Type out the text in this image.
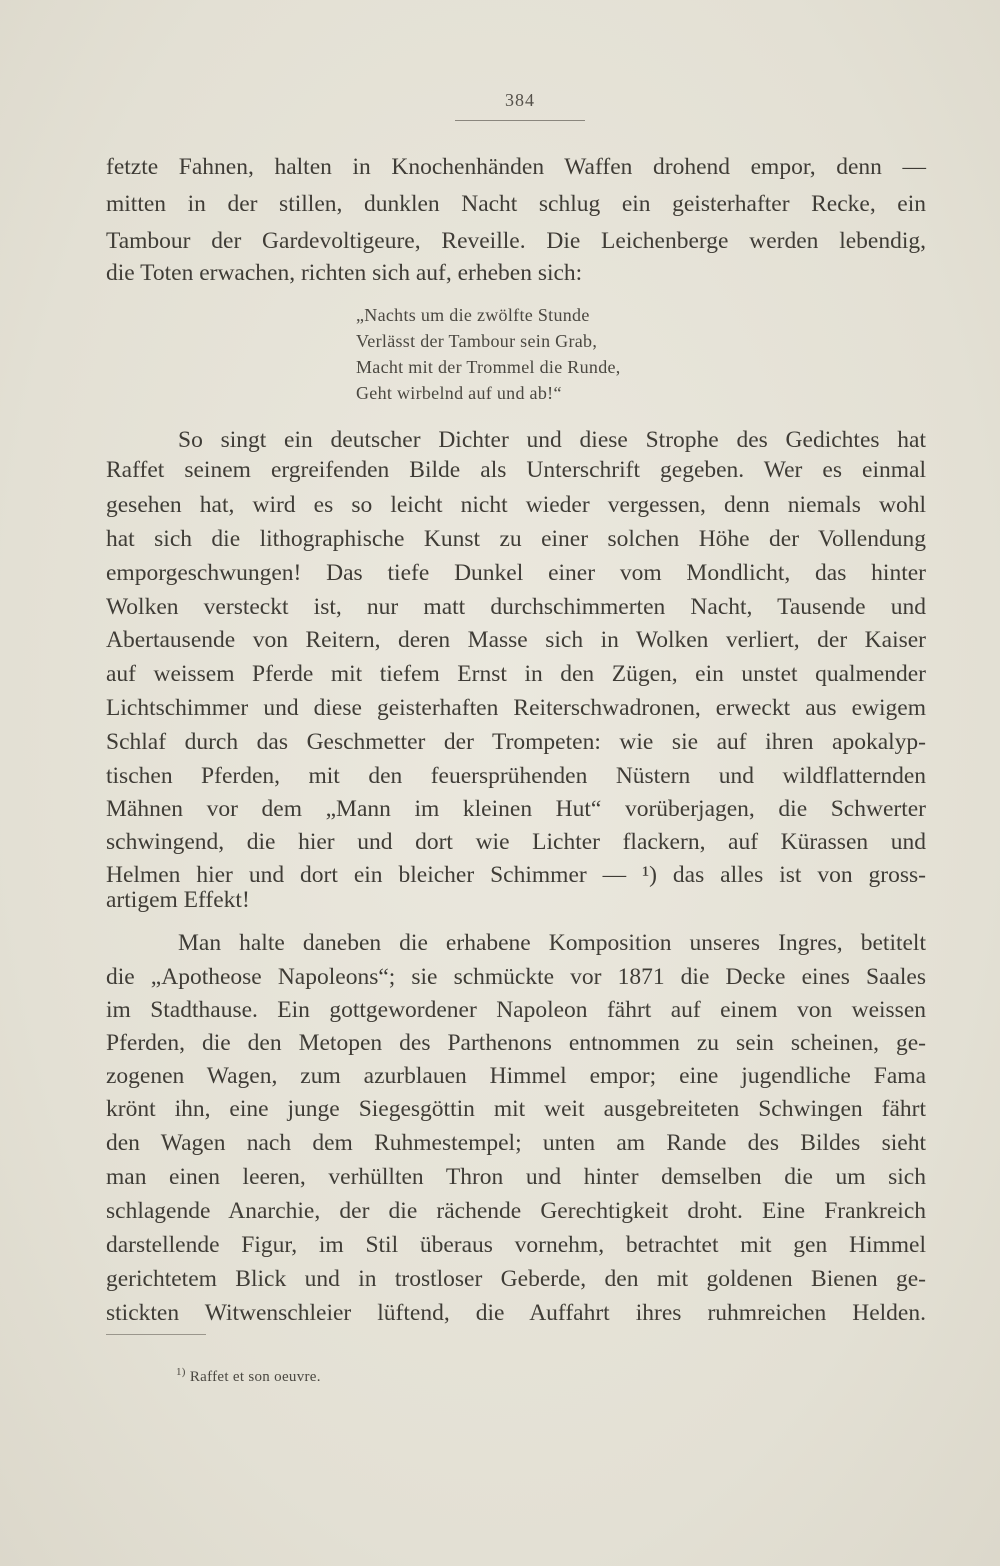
384
fetzte Fahnen, halten in Knochenhänden Waffen drohend empor, denn —
mitten in der stillen, dunklen Nacht schlug ein geisterhafter Recke, ein
Tambour der Gardevoltigeure, Reveille. Die Leichenberge werden lebendig,
die Toten erwachen, richten sich auf, erheben sich:
„Nachts um die zwölfte Stunde
Verlässt der Tambour sein Grab,
Macht mit der Trommel die Runde,
Geht wirbelnd auf und ab!“
So singt ein deutscher Dichter und diese Strophe des Gedichtes hat
Raffet seinem ergreifenden Bilde als Unterschrift gegeben. Wer es einmal
gesehen hat, wird es so leicht nicht wieder vergessen, denn niemals wohl
hat sich die lithographische Kunst zu einer solchen Höhe der Vollendung
emporgeschwungen! Das tiefe Dunkel einer vom Mondlicht, das hinter
Wolken versteckt ist, nur matt durchschimmerten Nacht, Tausende und
Abertausende von Reitern, deren Masse sich in Wolken verliert, der Kaiser
auf weissem Pferde mit tiefem Ernst in den Zügen, ein unstet qualmender
Lichtschimmer und diese geisterhaften Reiterschwadronen, erweckt aus ewigem
Schlaf durch das Geschmetter der Trompeten: wie sie auf ihren apokalyp-
tischen Pferden, mit den feuersprühenden Nüstern und wildflatternden
Mähnen vor dem „Mann im kleinen Hut“ vorüberjagen, die Schwerter
schwingend, die hier und dort wie Lichter flackern, auf Kürassen und
Helmen hier und dort ein bleicher Schimmer — ¹) das alles ist von gross-
artigem Effekt!
Man halte daneben die erhabene Komposition unseres Ingres, betitelt
die „Apotheose Napoleons“; sie schmückte vor 1871 die Decke eines Saales
im Stadthause. Ein gottgewordener Napoleon fährt auf einem von weissen
Pferden, die den Metopen des Parthenons entnommen zu sein scheinen, ge-
zogenen Wagen, zum azurblauen Himmel empor; eine jugendliche Fama
krönt ihn, eine junge Siegesgöttin mit weit ausgebreiteten Schwingen fährt
den Wagen nach dem Ruhmestempel; unten am Rande des Bildes sieht
man einen leeren, verhüllten Thron und hinter demselben die um sich
schlagende Anarchie, der die rächende Gerechtigkeit droht. Eine Frankreich
darstellende Figur, im Stil überaus vornehm, betrachtet mit gen Himmel
gerichtetem Blick und in trostloser Geberde, den mit goldenen Bienen ge-
stickten Witwenschleier lüftend, die Auffahrt ihres ruhmreichen Helden.
$^{1)}$ Raffet et son oeuvre.
